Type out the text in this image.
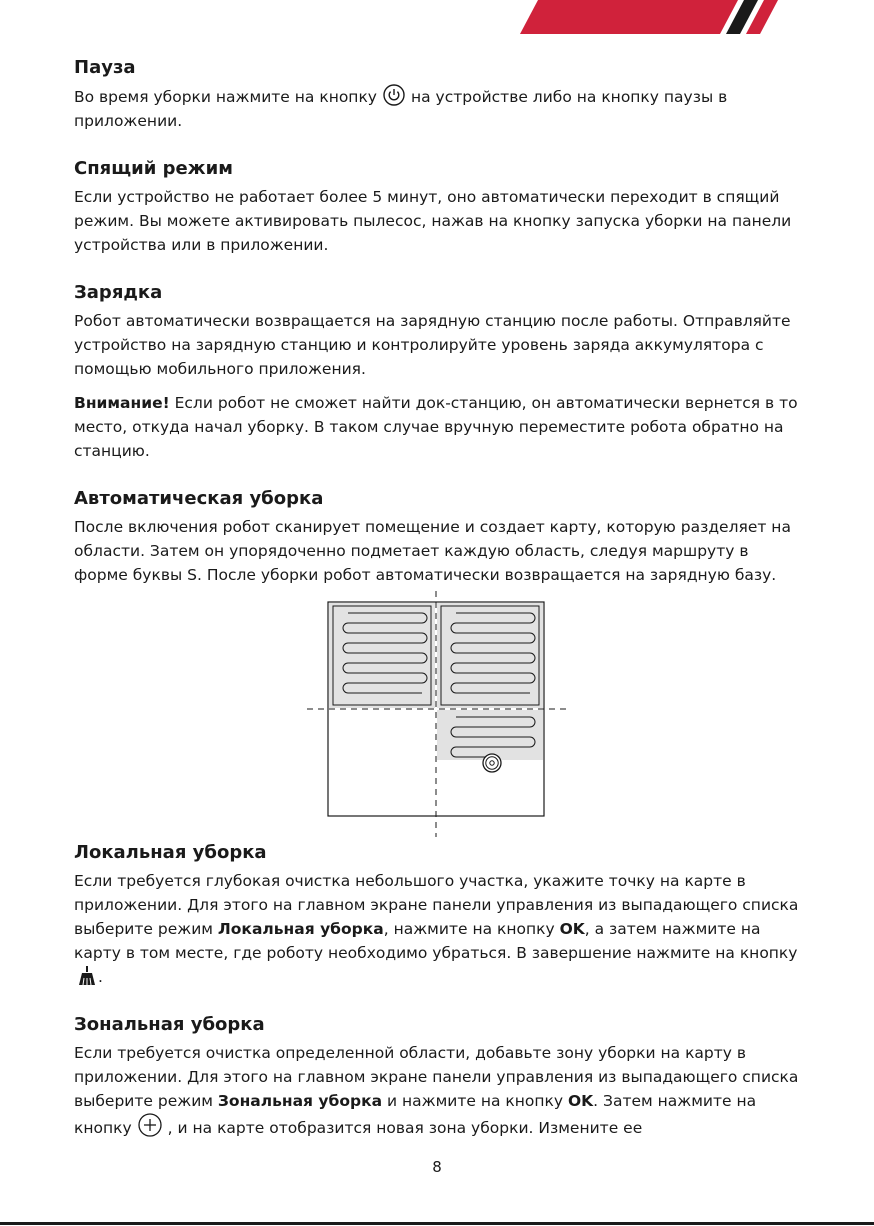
Пауза

Во время уборки нажмите на кнопку на устройстве либо на кнопку паузы в приложении.

Спящий режим

Если устройство не работает более 5 минут, оно автоматически переходит в спящий режим. Вы можете активировать пылесос, нажав на кнопку запуска уборки на панели устройства или в приложении.

Зарядка

Робот автоматически возвращается на зарядную станцию после работы. Отправляйте устройство на зарядную станцию и контролируйте уровень заряда аккумулятора с помощью мобильного приложения.

Внимание! Если робот не сможет найти док-станцию, он автоматически вернется в то место, откуда начал уборку. В таком случае вручную переместите робота обратно на станцию.

Автоматическая уборка

После включения робот сканирует помещение и создает карту, которую разделяет на области. Затем он упорядоченно подметает каждую область, следуя маршруту в форме буквы S. После уборки робот автоматически возвращается на зарядную базу.

Локальная уборка

Если требуется глубокая очистка небольшого участка, укажите точку на карте в приложении. Для этого на главном экране панели управления из выпадающего списка выберите режим Локальная уборка, нажмите на кнопку OK, а затем нажмите на карту в том месте, где роботу необходимо убраться. В завершение нажмите на кнопку.

Зональная уборка

Если требуется очистка определенной области, добавьте зону уборки на карту в приложении. Для этого на главном экране панели управления из выпадающего списка выберите режим Зональная уборка и нажмите на кнопку OK. Затем нажмите на кнопку , и на карте отобразится новая зона уборки. Измените ее

8
